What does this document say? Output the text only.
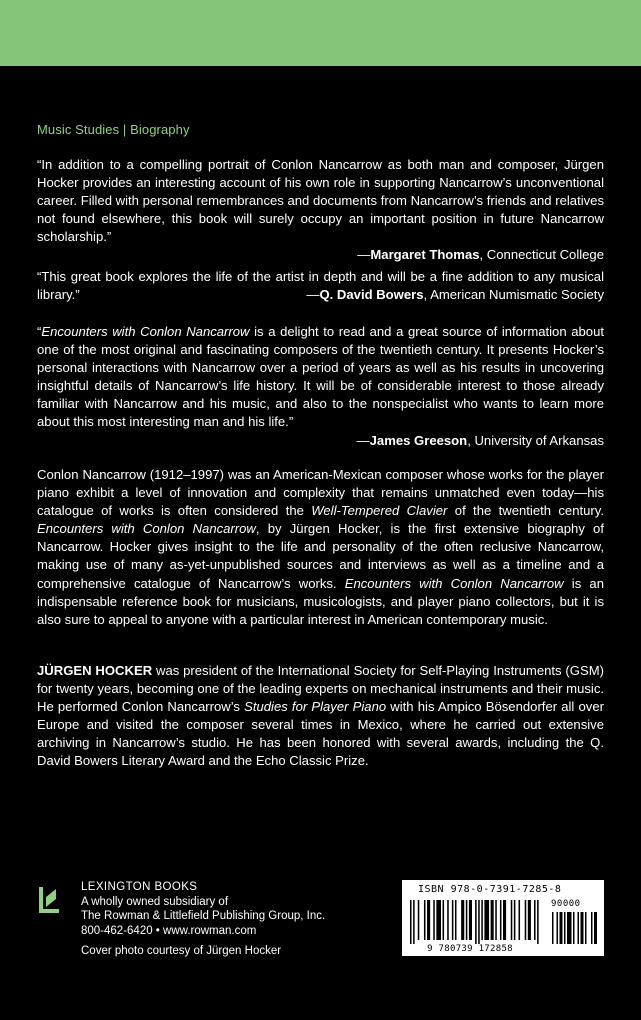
Music Studies | Biography
“In addition to a compelling portrait of Conlon Nancarrow as both man and composer, Jürgen Hocker provides an interesting account of his own role in supporting Nancarrow’s unconventional career. Filled with personal remembrances and documents from Nancarrow’s friends and relatives not found elsewhere, this book will surely occupy an important position in future Nancarrow scholarship.”
—Margaret Thomas, Connecticut College
“This great book explores the life of the artist in depth and will be a fine addition to any musical library.”	—Q. David Bowers, American Numismatic Society
“Encounters with Conlon Nancarrow is a delight to read and a great source of information about one of the most original and fascinating composers of the twentieth century. It presents Hocker’s personal interactions with Nancarrow over a period of years as well as his results in uncovering insightful details of Nancarrow’s life history. It will be of considerable interest to those already familiar with Nancarrow and his music, and also to the nonspecialist who wants to learn more about this most interesting man and his life.”
—James Greeson, University of Arkansas
Conlon Nancarrow (1912–1997) was an American-Mexican composer whose works for the player piano exhibit a level of innovation and complexity that remains unmatched even today—his catalogue of works is often considered the Well-Tempered Clavier of the twentieth century. Encounters with Conlon Nancarrow, by Jürgen Hocker, is the first extensive biography of Nancarrow. Hocker gives insight to the life and personality of the often reclusive Nancarrow, making use of many as-yet-unpublished sources and interviews as well as a timeline and a comprehensive catalogue of Nancarrow’s works. Encounters with Conlon Nancarrow is an indispensable reference book for musicians, musicologists, and player piano collectors, but it is also sure to appeal to anyone with a particular interest in American contemporary music.
JÜRGEN HOCKER was president of the International Society for Self-Playing Instruments (GSM) for twenty years, becoming one of the leading experts on mechanical instruments and their music. He performed Conlon Nancarrow’s Studies for Player Piano with his Ampico Bösendorfer all over Europe and visited the composer several times in Mexico, where he carried out extensive archiving in Nancarrow’s studio. He has been honored with several awards, including the Q. David Bowers Literary Award and the Echo Classic Prize.
LEXINGTON BOOKS
A wholly owned subsidiary of
The Rowman & Littlefield Publishing Group, Inc.
800-462-6420 • www.rowman.com
Cover photo courtesy of Jürgen Hocker
ISBN 978-0-7391-7285-8
9 780739 172858
90000
